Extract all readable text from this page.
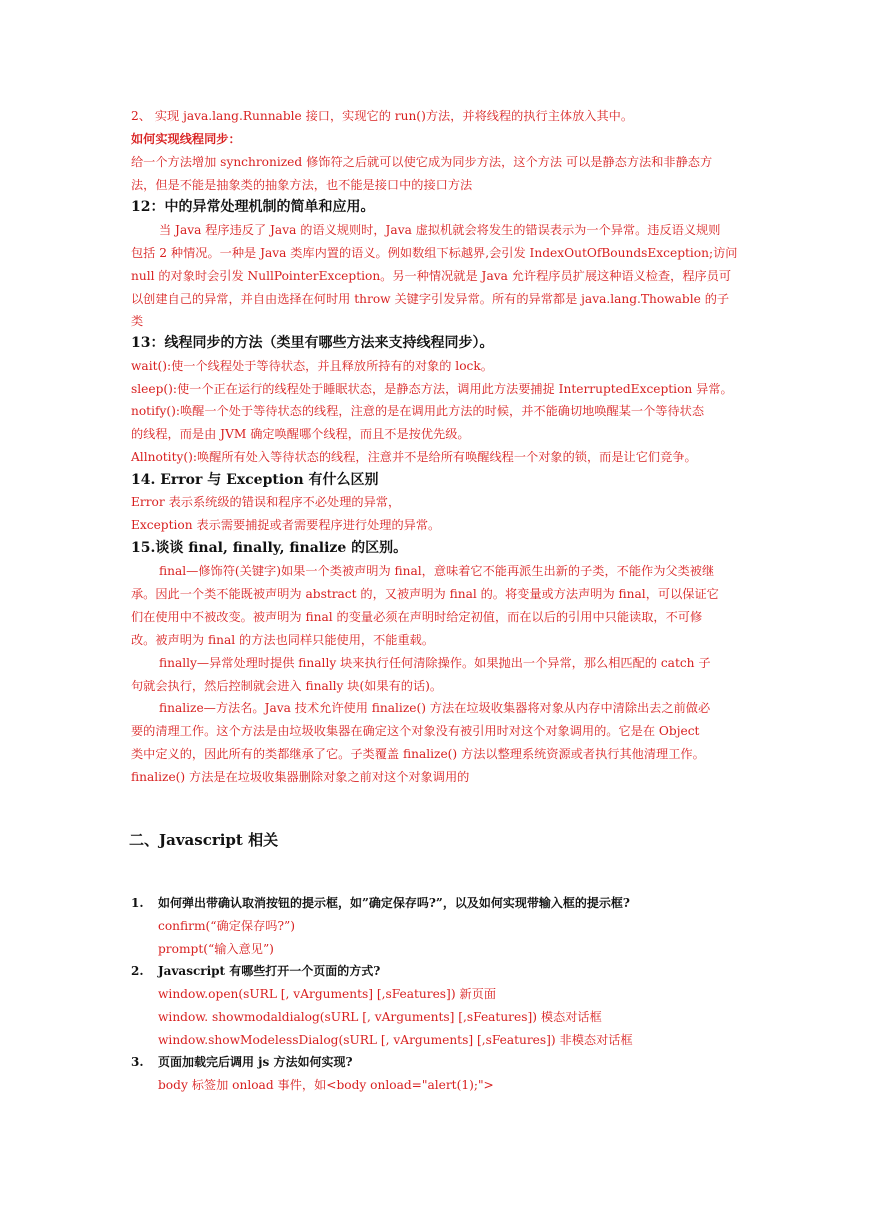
2、 实现 java.lang.Runnable 接口，实现它的 run()方法，并将线程的执行主体放入其中。
如何实现线程同步：
给一个方法增加 synchronized 修饰符之后就可以使它成为同步方法，这个方法 可以是静态方法和非静态方
法，但是不能是抽象类的抽象方法，也不能是接口中的接口方法
12：中的异常处理机制的简单和应用。
当 Java 程序违反了 Java 的语义规则时，Java 虚拟机就会将发生的错误表示为一个异常。违反语义规则
包括 2 种情况。一种是 Java 类库内置的语义。例如数组下标越界,会引发 IndexOutOfBoundsException;访问
null 的对象时会引发 NullPointerException。另一种情况就是 Java 允许程序员扩展这种语义检查，程序员可
以创建自己的异常，并自由选择在何时用 throw 关键字引发异常。所有的异常都是 java.lang.Thowable 的子
类
13：线程同步的方法（类里有哪些方法来支持线程同步）。
wait():使一个线程处于等待状态，并且释放所持有的对象的 lock。
sleep():使一个正在运行的线程处于睡眠状态，是静态方法，调用此方法要捕捉 InterruptedException 异常。
notify():唤醒一个处于等待状态的线程，注意的是在调用此方法的时候，并不能确切地唤醒某一个等待状态
的线程，而是由 JVM 确定唤醒哪个线程，而且不是按优先级。
Allnotity():唤醒所有处入等待状态的线程，注意并不是给所有唤醒线程一个对象的锁，而是让它们竞争。
14. Error 与 Exception 有什么区别
Error 表示系统级的错误和程序不必处理的异常，
Exception 表示需要捕捉或者需要程序进行处理的异常。
15.谈谈 final, finally, finalize 的区别。
final—修饰符(关键字)如果一个类被声明为 final，意味着它不能再派生出新的子类，不能作为父类被继
承。因此一个类不能既被声明为 abstract 的，又被声明为 final 的。将变量或方法声明为 final，可以保证它
们在使用中不被改变。被声明为 final 的变量必须在声明时给定初值，而在以后的引用中只能读取，不可修
改。被声明为 final 的方法也同样只能使用，不能重载。
finally—异常处理时提供 finally 块来执行任何清除操作。如果抛出一个异常，那么相匹配的 catch 子
句就会执行，然后控制就会进入 finally 块(如果有的话)。
finalize—方法名。Java 技术允许使用 finalize() 方法在垃圾收集器将对象从内存中清除出去之前做必
要的清理工作。这个方法是由垃圾收集器在确定这个对象没有被引用时对这个对象调用的。它是在 Object
类中定义的，因此所有的类都继承了它。子类覆盖 finalize() 方法以整理系统资源或者执行其他清理工作。
finalize() 方法是在垃圾收集器删除对象之前对这个对象调用的
二、Javascript 相关
1. 如何弹出带确认取消按钮的提示框，如”确定保存吗?”，以及如何实现带输入框的提示框?
confirm(“确定保存吗?”)
prompt(“输入意见”)
2. Javascript 有哪些打开一个页面的方式?
window.open(sURL [, vArguments] [,sFeatures]) 新页面
window. showmodaldialog(sURL [, vArguments] [,sFeatures]) 模态对话框
window.showModelessDialog(sURL [, vArguments] [,sFeatures]) 非模态对话框
3. 页面加载完后调用 js 方法如何实现?
body 标签加 onload 事件，如<body onload="alert(1);">
